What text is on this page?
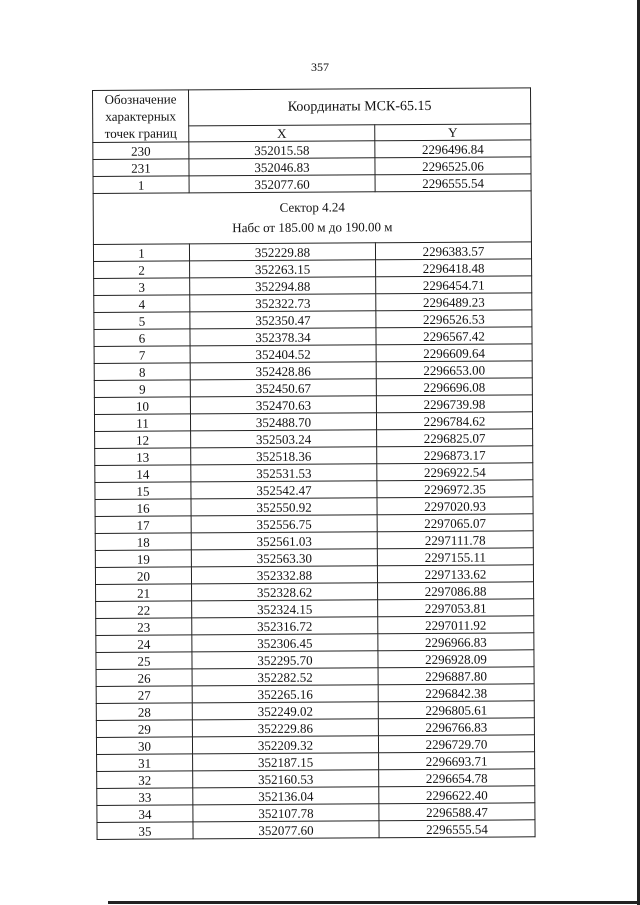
357
Обозначение характерных точек границ	Координаты МСК-65.15	
	X	Y
230	352015.58	2296496.84
231	352046.83	2296525.06
1	352077.60	2296555.54

Сектор 4.24
Набс от 185.00 м до 190.00 м		

1	352229.88	2296383.57
2	352263.15	2296418.48
3	352294.88	2296454.71
4	352322.73	2296489.23
5	352350.47	2296526.53
6	352378.34	2296567.42
7	352404.52	2296609.64
8	352428.86	2296653.00
9	352450.67	2296696.08
10	352470.63	2296739.98
11	352488.70	2296784.62
12	352503.24	2296825.07
13	352518.36	2296873.17
14	352531.53	2296922.54
15	352542.47	2296972.35
16	352550.92	2297020.93
17	352556.75	2297065.07
18	352561.03	2297111.78
19	352563.30	2297155.11
20	352332.88	2297133.62
21	352328.62	2297086.88
22	352324.15	2297053.81
23	352316.72	2297011.92
24	352306.45	2296966.83
25	352295.70	2296928.09
26	352282.52	2296887.80
27	352265.16	2296842.38
28	352249.02	2296805.61
29	352229.86	2296766.83
30	352209.32	2296729.70
31	352187.15	2296693.71
32	352160.53	2296654.78
33	352136.04	2296622.40
34	352107.78	2296588.47
35	352077.60	2296555.54
